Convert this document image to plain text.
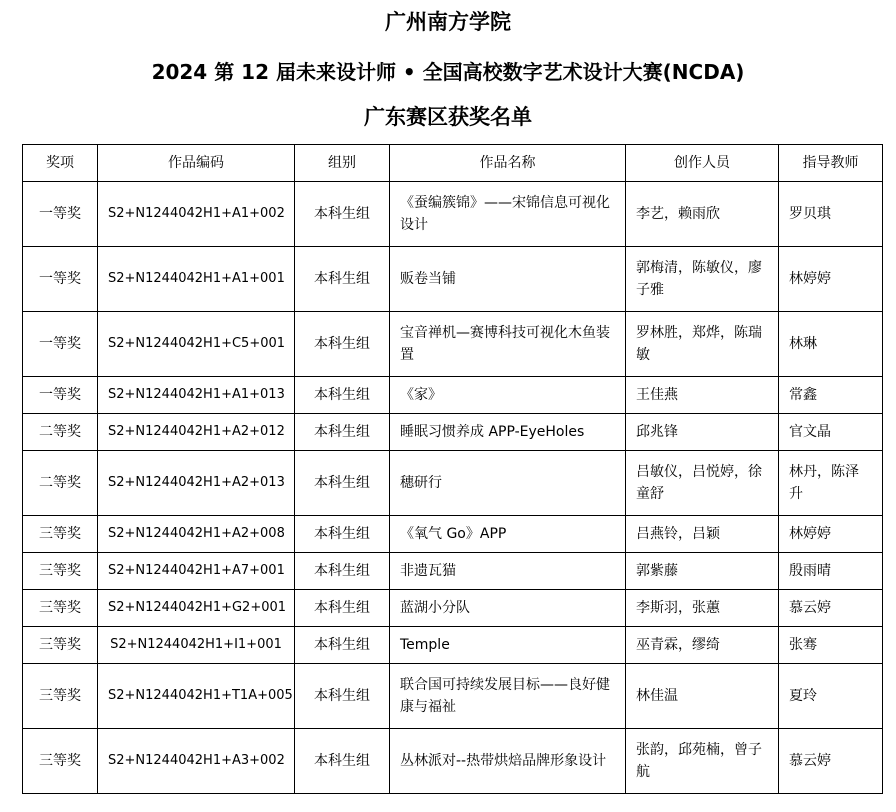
广州南方学院
2024 第 12 届未来设计师 • 全国高校数字艺术设计大赛(NCDA)
广东赛区获奖名单
奖项	作品编码	组别	作品名称	创作人员	指导教师
一等奖	S2+N1244042H1+A1+002	本科生组	《蚕编簇锦》——宋锦信息可视化设计	李艺，赖雨欣	罗贝琪
一等奖	S2+N1244042H1+A1+001	本科生组	贩卷当铺	郭梅清，陈敏仪，廖子雅	林婷婷
一等奖	S2+N1244042H1+C5+001	本科生组	宝音禅机—赛博科技可视化木鱼装置	罗林胜，郑烨，陈瑞敏	林琳
一等奖	S2+N1244042H1+A1+013	本科生组	《家》	王佳燕	常鑫
二等奖	S2+N1244042H1+A2+012	本科生组	睡眠习惯养成 APP-EyeHoles	邱兆锋	官文晶
二等奖	S2+N1244042H1+A2+013	本科生组	穗研行	吕敏仪，吕悦婷，徐童舒	林丹，陈泽升
三等奖	S2+N1244042H1+A2+008	本科生组	《氧气 Go》APP	吕燕铃，吕颖	林婷婷
三等奖	S2+N1244042H1+A7+001	本科生组	非遗瓦猫	郭紫藤	殷雨晴
三等奖	S2+N1244042H1+G2+001	本科生组	蓝湖小分队	李斯羽，张蕙	慕云婷
三等奖	S2+N1244042H1+I1+001	本科生组	Temple	巫青霖，缪绮	张骞
三等奖	S2+N1244042H1+T1A+005	本科生组	联合国可持续发展目标——良好健康与福祉	林佳温	夏玲
三等奖	S2+N1244042H1+A3+002	本科生组	丛林派对--热带烘焙品牌形象设计	张韵，邱苑楠，曾子航	慕云婷
